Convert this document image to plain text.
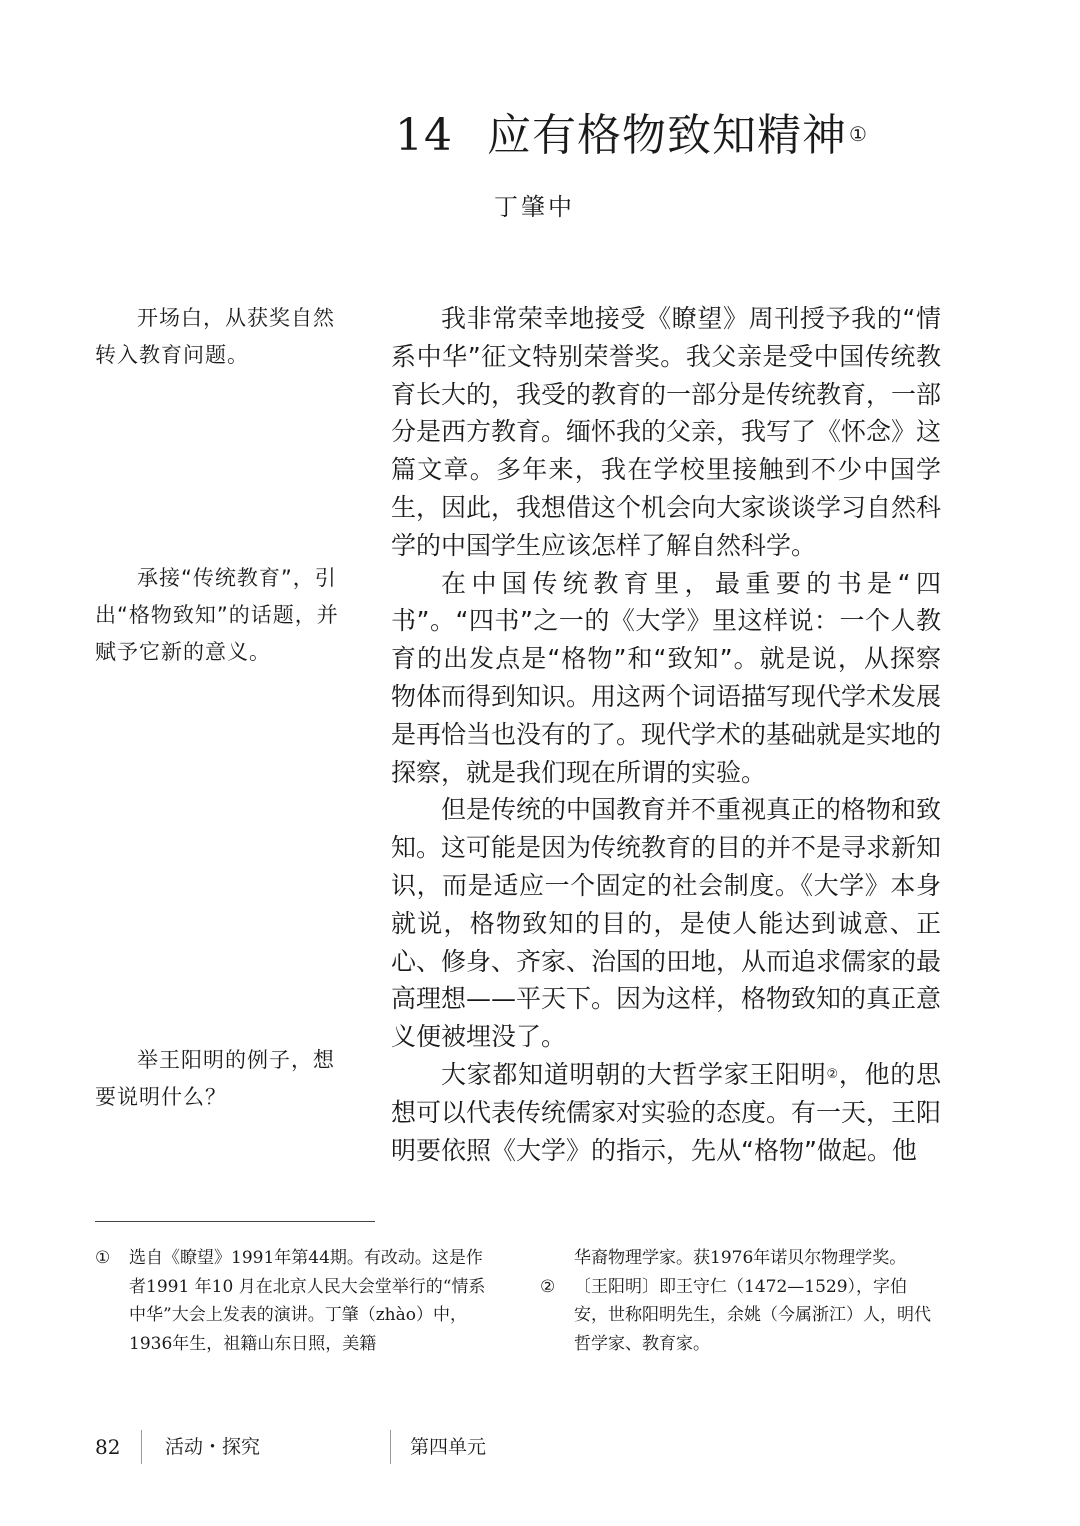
14 应有格物致知精神 ①
丁肇中

开场白，从获奖自然转入教育问题。

承接“传统教育”，引出“格物致知”的话题，并赋予它新的意义。

举王阳明的例子，想要说明什么？

我非常荣幸地接受《瞭望》周刊授予我的“情系中华”征文特别荣誉奖。我父亲是受中国传统教育长大的，我受的教育的一部分是传统教育，一部分是西方教育。缅怀我的父亲，我写了《怀念》这篇文章。多年来，我在学校里接触到不少中国学生，因此，我想借这个机会向大家谈谈学习自然科学的中国学生应该怎样了解自然科学。

在中国传统教育里，最重要的书是“四书”。“四书”之一的《大学》里这样说：一个人教育的出发点是“格物”和“致知”。就是说，从探察物体而得到知识。用这两个词语描写现代学术发展是再恰当也没有的了。现代学术的基础就是实地的探察，就是我们现在所谓的实验。

但是传统的中国教育并不重视真正的格物和致知。这可能是因为传统教育的目的并不是寻求新知识，而是适应一个固定的社会制度。《大学》本身就说，格物致知的目的，是使人能达到诚意、正心、修身、齐家、治国的田地，从而追求儒家的最高理想——平天下。因为这样，格物致知的真正意义便被埋没了。

大家都知道明朝的大哲学家王阳明②，他的思想可以代表传统儒家对实验的态度。有一天，王阳明要依照《大学》的指示，先从“格物”做起。他

① 选自《瞭望》1991年第44期。有改动。这是作者1991 年10 月在北京人民大会堂举行的“情系中华”大会上发表的演讲。丁肇（zhào）中，1936年生，祖籍山东日照，美籍

华裔物理学家。获1976年诺贝尔物理学奖。

② 〔王阳明〕即王守仁（1472—1529），字伯安，世称阳明先生，余姚（今属浙江）人，明代哲学家、教育家。

82 活动・探究	第四单元
